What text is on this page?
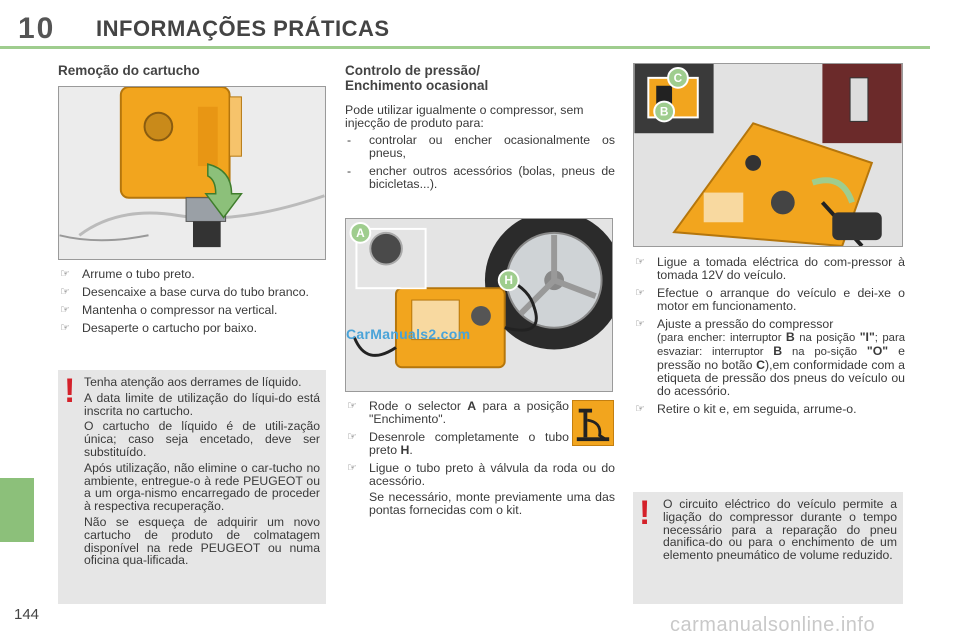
10 INFORMAÇÕES PRÁTICAS
Remoção do cartucho
☞ Arrume o tubo preto.
☞ Desencaixe a base curva do tubo branco.
☞ Mantenha o compressor na vertical.
☞ Desaperte o cartucho por baixo.
! Tenha atenção aos derrames de líquido.

A data limite de utilização do líqui-do está inscrita no cartucho.

O cartucho de líquido é de utili-zação única; caso seja encetado, deve ser substituído.

Após utilização, não elimine o car-tucho no ambiente, entregue-o à rede PEUGEOT ou a um orga-nismo encarregado de proceder à respectiva recuperação.

Não se esqueça de adquirir um novo cartucho de produto de colmatagem disponível na rede PEUGEOT ou numa oficina qua-lificada.

Controlo de pressão/
Enchimento ocasional
Pode utilizar igualmente o compressor, sem injecção de produto para:
- controlar ou encher ocasionalmente os pneus,
- encher outros acessórios (bolas, pneus de bicicletas...).
A
H
CarManuals2.com
☞ Rode o selector A para a posição "Enchimento".
☞ Desenrole completamente o tubo preto H.
☞ Ligue o tubo preto à válvula da roda ou do acessório.
Se necessário, monte previamente uma das pontas fornecidas com o kit.
C
B
☞ Ligue a tomada eléctrica do com-pressor à tomada 12V do veículo.
☞ Efectue o arranque do veículo e dei-xe o motor em funcionamento.
☞ Ajuste a pressão do compressor
(para encher: interruptor B na posição "I"; para esvaziar: interruptor B na po-sição "O" e pressão no botão C),em conformidade com a etiqueta de pressão dos pneus do veículo ou do acessório.
☞ Retire o kit e, em seguida, arrume-o.
! O circuito eléctrico do veículo permite a ligação do compressor durante o tempo necessário para a reparação do pneu danifica-do ou para o enchimento de um elemento pneumático de volume reduzido.
144	carmanualsonline.info
